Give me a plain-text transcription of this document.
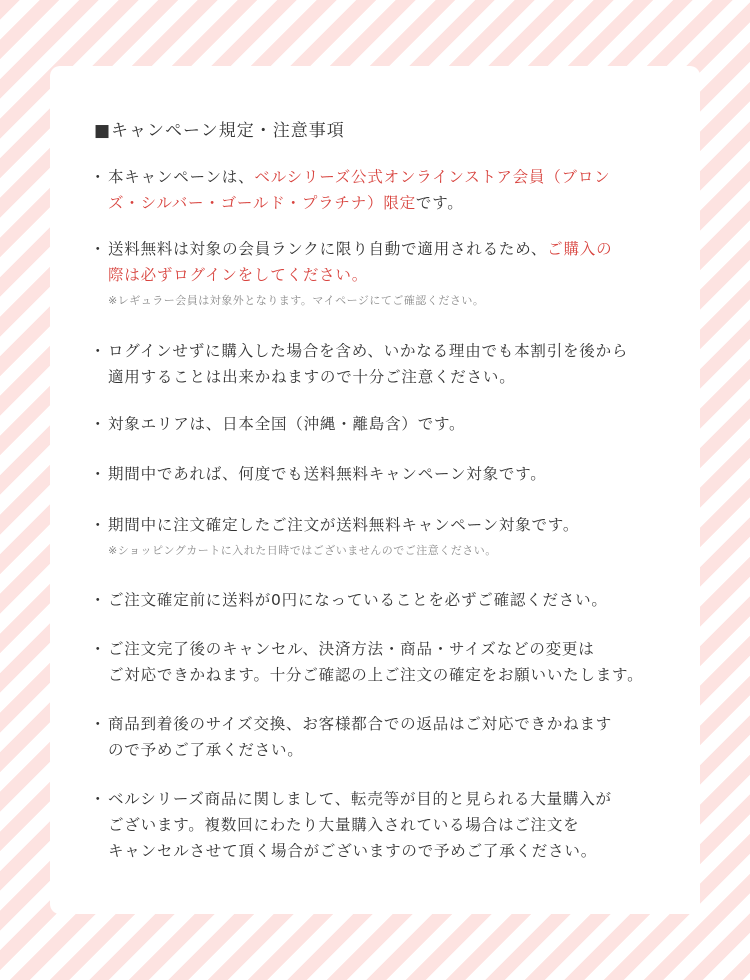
■キャンペーン規定・注意事項
・ 本キャンペーンは、ベルシリーズ公式オンラインストア会員（ブロン
ズ・シルバー・ゴールド・プラチナ）限定です。
・ 送料無料は対象の会員ランクに限り自動で適用されるため、ご購入の
際は必ずログインをしてください。
※レギュラー会員は対象外となります。マイページにてご確認ください。
・ ログインせずに購入した場合を含め、いかなる理由でも本割引を後から
適用することは出来かねますので十分ご注意ください。
・ 対象エリアは、日本全国（沖縄・離島含）です。
・ 期間中であれば、何度でも送料無料キャンペーン対象です。
・ 期間中に注文確定したご注文が送料無料キャンペーン対象です。
※ショッピングカートに入れた日時ではございませんのでご注意ください。
・ ご注文確定前に送料が0円になっていることを必ずご確認ください。
・ ご注文完了後のキャンセル、決済方法・商品・サイズなどの変更は
ご対応できかねます。十分ご確認の上ご注文の確定をお願いいたします。
・ 商品到着後のサイズ交換、お客様都合での返品はご対応できかねます
ので予めご了承ください。
・ ベルシリーズ商品に関しまして、転売等が目的と見られる大量購入が
ございます。複数回にわたり大量購入されている場合はご注文を
キャンセルさせて頂く場合がございますので予めご了承ください。
